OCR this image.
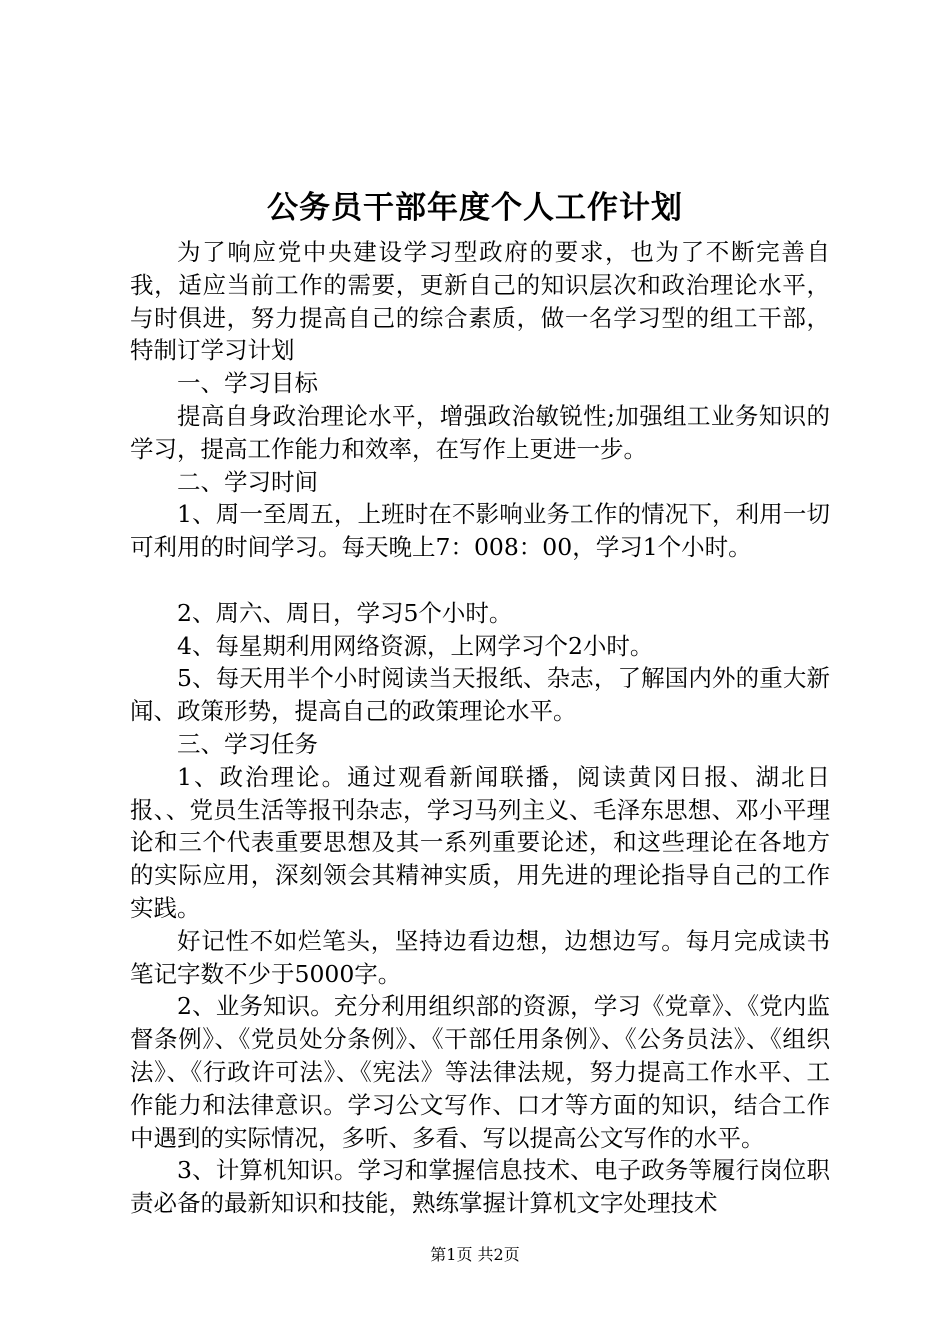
公务员干部年度个人工作计划

为了响应党中央建设学习型政府的要求，也为了不断完善自我，适应当前工作的需要，更新自己的知识层次和政治理论水平，与时俱进，努力提高自己的综合素质，做一名学习型的组工干部，特制订学习计划

一、学习目标

提高自身政治理论水平，增强政治敏锐性;加强组工业务知识的学习，提高工作能力和效率，在写作上更进一步。

二、学习时间

1、周一至周五，上班时在不影响业务工作的情况下，利用一切可利用的时间学习。每天晚上7：008：00，学习1个小时。

2、周六、周日，学习5个小时。

4、每星期利用网络资源，上网学习个2小时。

5、每天用半个小时阅读当天报纸、杂志，了解国内外的重大新闻、政策形势，提高自己的政策理论水平。

三、学习任务

1、政治理论。通过观看新闻联播，阅读黄冈日报、湖北日报、、党员生活等报刊杂志，学习马列主义、毛泽东思想、邓小平理论和三个代表重要思想及其一系列重要论述，和这些理论在各地方的实际应用，深刻领会其精神实质，用先进的理论指导自己的工作实践。

好记性不如烂笔头，坚持边看边想，边想边写。每月完成读书笔记字数不少于5000字。

2、业务知识。充分利用组织部的资源，学习《党章》、《党内监督条例》、《党员处分条例》、《干部任用条例》、《公务员法》、《组织法》、《行政许可法》、《宪法》等法律法规，努力提高工作水平、工作能力和法律意识。学习公文写作、口才等方面的知识，结合工作中遇到的实际情况，多听、多看、写以提高公文写作的水平。

3、计算机知识。学习和掌握信息技术、电子政务等履行岗位职责必备的最新知识和技能，熟练掌握计算机文字处理技术

第1页 共2页
